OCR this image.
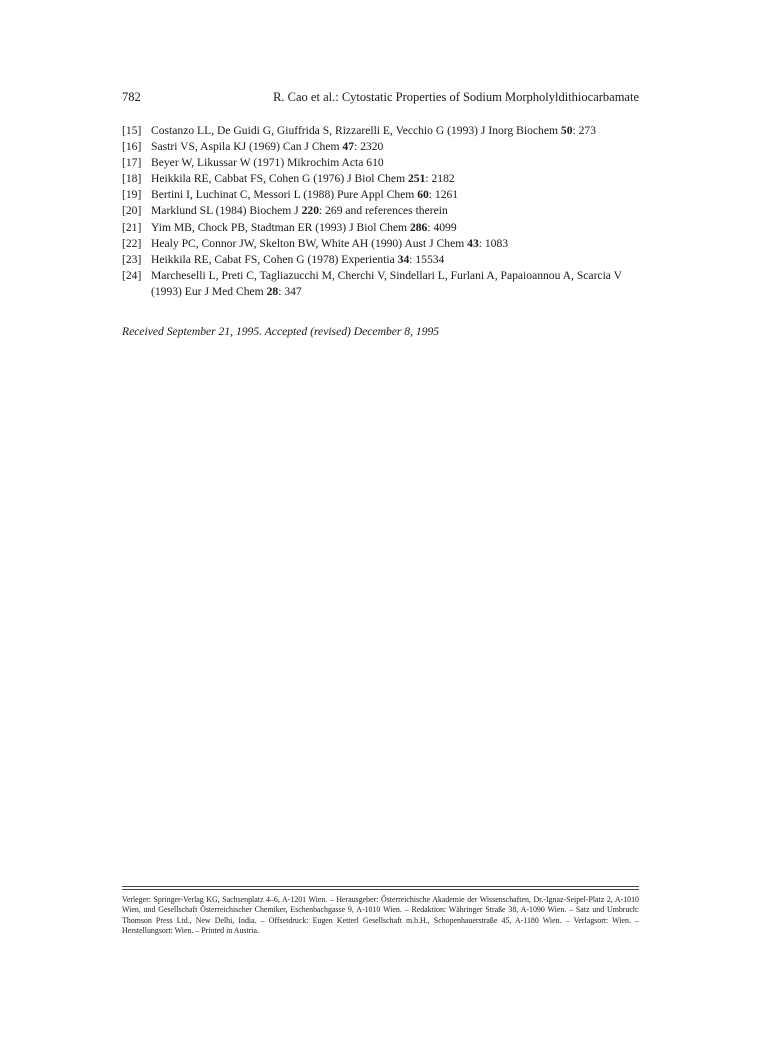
782	R. Cao et al.: Cytostatic Properties of Sodium Morpholyldithiocarbamate
[15] Costanzo LL, De Guidi G, Giuffrida S, Rizzarelli E, Vecchio G (1993) J Inorg Biochem 50: 273
[16] Sastri VS, Aspila KJ (1969) Can J Chem 47: 2320
[17] Beyer W, Likussar W (1971) Mikrochim Acta 610
[18] Heikkila RE, Cabbat FS, Cohen G (1976) J Biol Chem 251: 2182
[19] Bertini I, Luchinat C, Messori L (1988) Pure Appl Chem 60: 1261
[20] Marklund SL (1984) Biochem J 220: 269 and references therein
[21] Yim MB, Chock PB, Stadtman ER (1993) J Biol Chem 286: 4099
[22] Healy PC, Connor JW, Skelton BW, White AH (1990) Aust J Chem 43: 1083
[23] Heikkila RE, Cabat FS, Cohen G (1978) Experientia 34: 15534
[24] Marcheselli L, Preti C, Tagliazucchi M, Cherchi V, Sindellari L, Furlani A, Papaioannou A, Scarcia V (1993) Eur J Med Chem 28: 347
Received September 21, 1995. Accepted (revised) December 8, 1995

Verleger: Springer-Verlag KG, Sachsenplatz 4–6, A-1201 Wien. – Herausgeber: Österreichische Akademie der Wissenschaften, Dr.-Ignaz-Seipel-Platz 2, A-1010 Wien, und Gesellschaft Österreichischer Chemiker, Eschenbachgasse 9, A-1010 Wien. – Redaktion: Währinger Straße 38, A-1090 Wien. – Satz und Umbruch: Thomson Press Ltd., New Delhi, India. – Offsetdruck: Eugen Ketterl Gesellschaft m.b.H., Schopenhauerstraße 45, A-1180 Wien. – Verlagsort: Wien. – Herstellungsort: Wien. – Printed in Austria.
